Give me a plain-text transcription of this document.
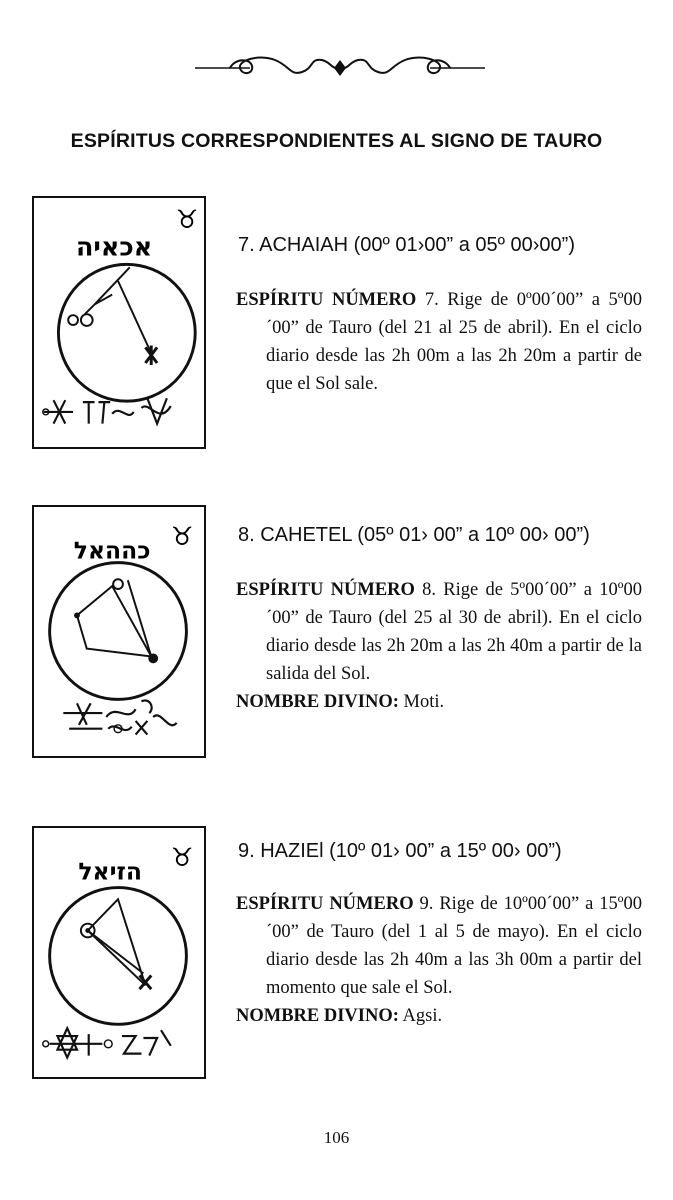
ESPÍRITUS CORRESPONDIENTES AL SIGNO DE TAURO
♉
אכאיה	7. ACHAIAH (00º 01›00” a 05º 00›00”)

ESPÍRITU NÚMERO 7. Rige de 0º00´00” a 5º00´00” de Tauro (del 21 al 25 de abril). En el ciclo diario desde las 2h 00m a las 2h 20m a partir de que el Sol sale.

♉
כההאל
8. CAHETEL (05º 01› 00” a 10º 00› 00”)

ESPÍRITU NÚMERO 8. Rige de 5º00´00” a 10º00´00” de Tauro (del 25 al 30 de abril). En el ciclo diario desde las 2h 20m a las 2h 40m a partir de la salida del Sol.

NOMBRE DIVINO: Moti.

♉
הזיאל
9. HAZIEl (10º 01› 00” a 15º 00› 00”)

ESPÍRITU NÚMERO 9. Rige de 10º00´00” a 15º00´00” de Tauro (del 1 al 5 de mayo). En el ciclo diario desde las 2h 40m a las 3h 00m a partir del momento que sale el Sol.

NOMBRE DIVINO: Agsi.

106
